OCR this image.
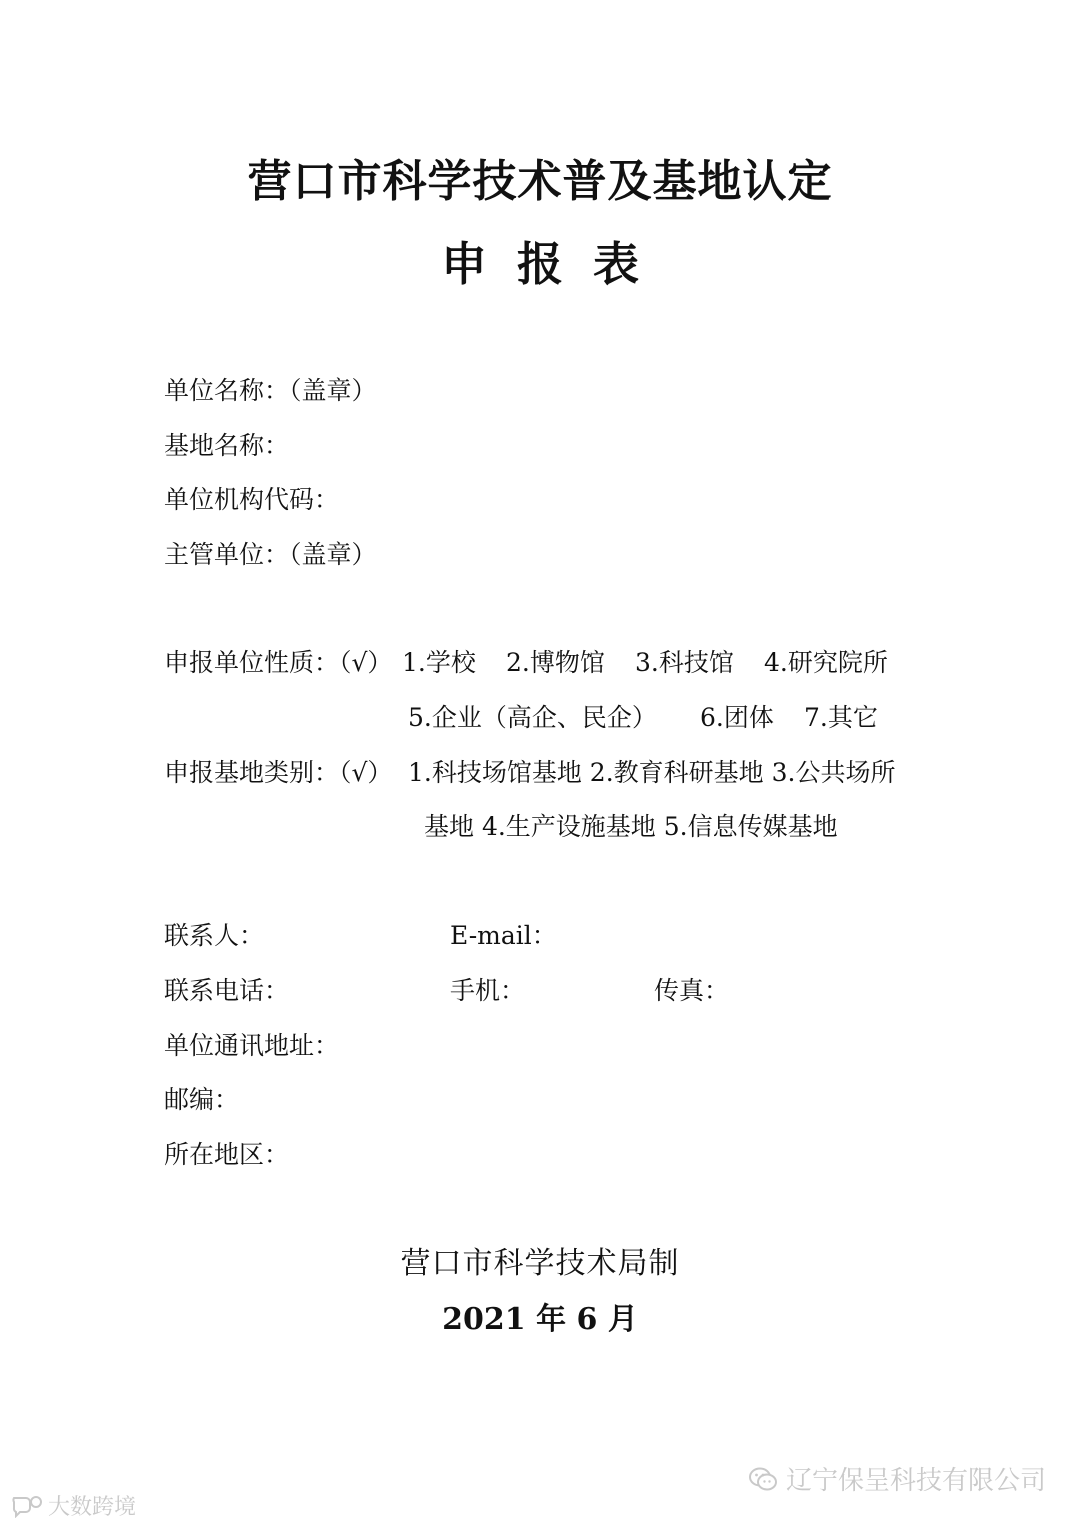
营口市科学技术普及基地认定
申报表
单位名称：（盖章）
基地名称：
单位机构代码：
主管单位：（盖章）
申报单位性质：（√） 1.学校 2.博物馆 3.科技馆 4.研究院所
5.企业（高企、民企） 6.团体 7.其它
申报基地类别：（√） 1.科技场馆基地 2.教育科研基地 3.公共场所
基地 4.生产设施基地 5.信息传媒基地
联系人：	E-mail：
联系电话：	手机：	传真：
单位通讯地址：
邮编：
所在地区：
营口市科学技术局制
2021 年 6 月
辽宁保呈科技有限公司
大数跨境
